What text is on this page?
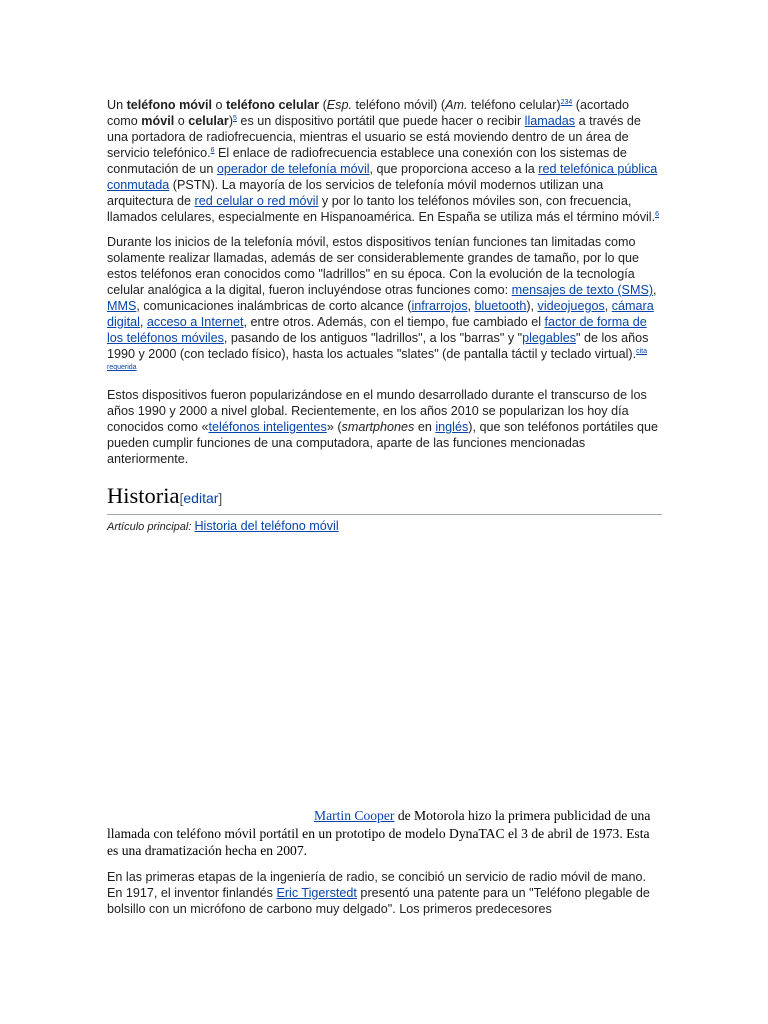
Un teléfono móvil o teléfono celular (Esp. teléfono móvil) (Am. teléfono celular)$^{234}$ (acortado como móvil o celular)$^5$ es un dispositivo portátil que puede hacer o recibir llamadas a través de una portadora de radiofrecuencia, mientras el usuario se está moviendo dentro de un área de servicio telefónico.$^6$ El enlace de radiofrecuencia establece una conexión con los sistemas de conmutación de un operador de telefonía móvil, que proporciona acceso a la red telefónica pública conmutada (PSTN). La mayoría de los servicios de telefonía móvil modernos utilizan una arquitectura de red celular o red móvil y por lo tanto los teléfonos móviles son, con frecuencia, llamados celulares, especialmente en Hispanoamérica. En España se utiliza más el término móvil.$^6$

Durante los inicios de la telefonía móvil, estos dispositivos tenían funciones tan limitadas como solamente realizar llamadas, además de ser considerablemente grandes de tamaño, por lo que estos teléfonos eran conocidos como "ladrillos" en su época. Con la evolución de la tecnología celular analógica a la digital, fueron incluyéndose otras funciones como: mensajes de texto (SMS), MMS, comunicaciones inalámbricas de corto alcance (infrarrojos, bluetooth), videojuegos, cámara digital, acceso a Internet, entre otros. Además, con el tiempo, fue cambiado el factor de forma de los teléfonos móviles, pasando de los antiguos "ladrillos", a los "barras" y "plegables" de los años 1990 y 2000 (con teclado físico), hasta los actuales "slates" (de pantalla táctil y teclado virtual).$^{cita requerida}$

Estos dispositivos fueron popularizándose en el mundo desarrollado durante el transcurso de los años 1990 y 2000 a nivel global. Recientemente, en los años 2010 se popularizan los hoy día conocidos como «teléfonos inteligentes» (smartphones en inglés), que son teléfonos portátiles que pueden cumplir funciones de una computadora, aparte de las funciones mencionadas anteriormente.

Historia[editar]
Artículo principal: Historia del teléfono móvil
Martin Cooper de Motorola hizo la primera publicidad de una llamada con teléfono móvil portátil en un prototipo de modelo DynaTAC el 3 de abril de 1973. Esta es una dramatización hecha en 2007.

En las primeras etapas de la ingeniería de radio, se concibió un servicio de radio móvil de mano. En 1917, el inventor finlandés Eric Tigerstedt presentó una patente para un "Teléfono plegable de bolsillo con un micrófono de carbono muy delgado". Los primeros predecesores
